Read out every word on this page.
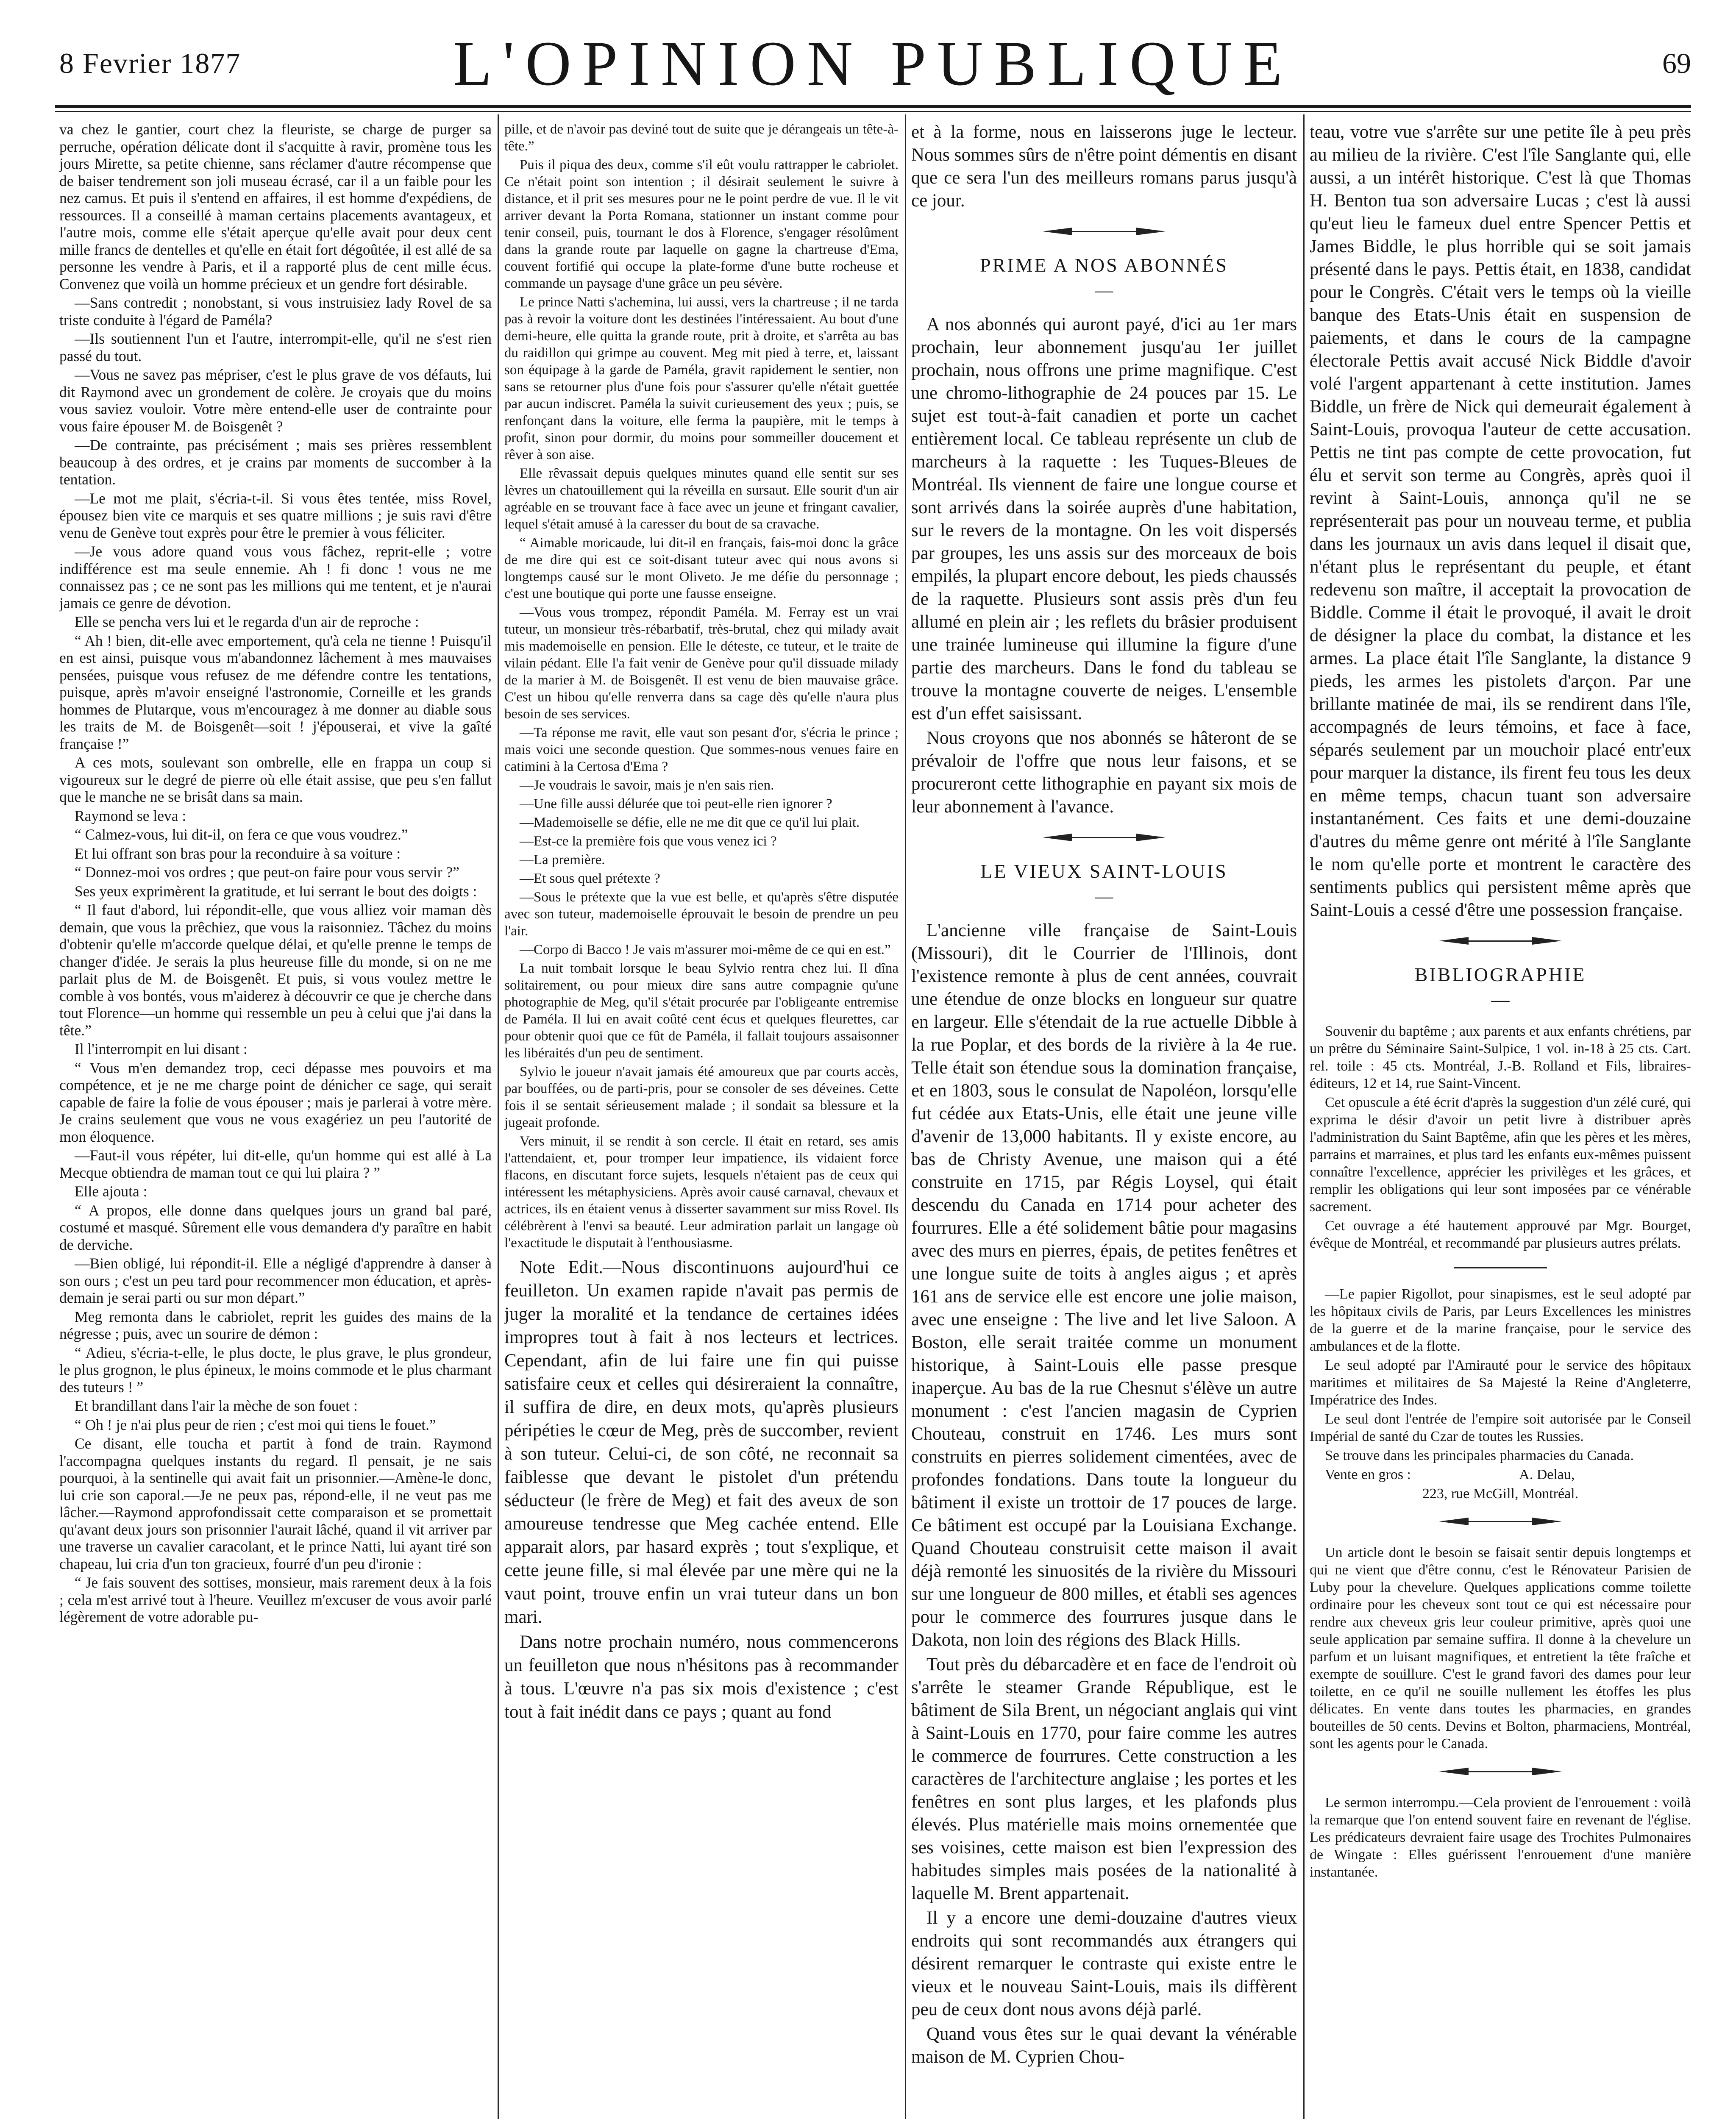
8 Fevrier 1877	L'OPINION PUBLIQUE	69

va chez le gantier, court chez la fleuriste, se charge de purger sa perruche, opération délicate dont il s'acquitte à ravir, promène tous les jours Mirette, sa petite chienne, sans réclamer d'autre récompense que de baiser tendrement son joli museau écrasé, car il a un faible pour les nez camus. Et puis il s'entend en affaires, il est homme d'expédiens, de ressources. Il a conseillé à maman certains placements avantageux, et l'autre mois, comme elle s'était aperçue qu'elle avait pour deux cent mille francs de dentelles et qu'elle en était fort dégoûtée, il est allé de sa personne les vendre à Paris, et il a rapporté plus de cent mille écus. Convenez que voilà un homme précieux et un gendre fort désirable.

—Sans contredit ; nonobstant, si vous instruisiez lady Rovel de sa triste conduite à l'égard de Paméla?

—Ils soutiennent l'un et l'autre, interrompit-elle, qu'il ne s'est rien passé du tout.

—Vous ne savez pas mépriser, c'est le plus grave de vos défauts, lui dit Raymond avec un grondement de colère. Je croyais que du moins vous saviez vouloir. Votre mère entend-elle user de contrainte pour vous faire épouser M. de Boisgenêt ?

—De contrainte, pas précisément ; mais ses prières ressemblent beaucoup à des ordres, et je crains par moments de succomber à la tentation.

—Le mot me plait, s'écria-t-il. Si vous êtes tentée, miss Rovel, épousez bien vite ce marquis et ses quatre millions ; je suis ravi d'être venu de Genève tout exprès pour être le premier à vous féliciter.

—Je vous adore quand vous vous fâchez, reprit-elle ; votre indifférence est ma seule ennemie. Ah ! fi donc ! vous ne me connaissez pas ; ce ne sont pas les millions qui me tentent, et je n'aurai jamais ce genre de dévotion.

Elle se pencha vers lui et le regarda d'un air de reproche :

“ Ah ! bien, dit-elle avec emportement, qu'à cela ne tienne ! Puisqu'il en est ainsi, puisque vous m'abandonnez lâchement à mes mauvaises pensées, puisque vous refusez de me défendre contre les tentations, puisque, après m'avoir enseigné l'astronomie, Corneille et les grands hommes de Plutarque, vous m'encouragez à me donner au diable sous les traits de M. de Boisgenêt—soit ! j'épouserai, et vive la gaîté française !”

A ces mots, soulevant son ombrelle, elle en frappa un coup si vigoureux sur le degré de pierre où elle était assise, que peu s'en fallut que le manche ne se brisât dans sa main.

Raymond se leva :

“ Calmez-vous, lui dit-il, on fera ce que vous voudrez.”

Et lui offrant son bras pour la reconduire à sa voiture :

“ Donnez-moi vos ordres ; que peut-on faire pour vous servir ?”

Ses yeux exprimèrent la gratitude, et lui serrant le bout des doigts :

“ Il faut d'abord, lui répondit-elle, que vous alliez voir maman dès demain, que vous la prêchiez, que vous la raisonniez. Tâchez du moins d'obtenir qu'elle m'accorde quelque délai, et qu'elle prenne le temps de changer d'idée. Je serais la plus heureuse fille du monde, si on ne me parlait plus de M. de Boisgenêt. Et puis, si vous voulez mettre le comble à vos bontés, vous m'aiderez à découvrir ce que je cherche dans tout Florence—un homme qui ressemble un peu à celui que j'ai dans la tête.”

Il l'interrompit en lui disant :

“ Vous m'en demandez trop, ceci dépasse mes pouvoirs et ma compétence, et je ne me charge point de dénicher ce sage, qui serait capable de faire la folie de vous épouser ; mais je parlerai à votre mère. Je crains seulement que vous ne vous exagériez un peu l'autorité de mon éloquence.

—Faut-il vous répéter, lui dit-elle, qu'un homme qui est allé à La Mecque obtiendra de maman tout ce qui lui plaira ? ”

Elle ajouta :

“ A propos, elle donne dans quelques jours un grand bal paré, costumé et masqué. Sûrement elle vous demandera d'y paraître en habit de derviche.

—Bien obligé, lui répondit-il. Elle a négligé d'apprendre à danser à son ours ; c'est un peu tard pour recommencer mon éducation, et après-demain je serai parti ou sur mon départ.”

Meg remonta dans le cabriolet, reprit les guides des mains de la négresse ; puis, avec un sourire de démon :

“ Adieu, s'écria-t-elle, le plus doctе, le plus grave, le plus grondeur, le plus grognon, le plus épineux, le moins commode et le plus charmant des tuteurs ! ”

Et brandillant dans l'air la mèche de son fouet :

“ Oh ! je n'ai plus peur de rien ; c'est moi qui tiens le fouet.”

Ce disant, elle toucha et partit à fond de train. Raymond l'accompagna quelques instants du regard. Il pensait, je ne sais pourquoi, à la sentinelle qui avait fait un prisonnier.—Amène-le donc, lui crie son caporal.—Je ne peux pas, répond-elle, il ne veut pas me lâcher.—Raymond approfondissait cette comparaison et se promettait qu'avant deux jours son prisonnier l'aurait lâché, quand il vit arriver par une traverse un cavalier caracolant, et le prince Natti, lui ayant tiré son chapeau, lui cria d'un ton gracieux, fourré d'un peu d'ironie :

“ Je fais souvent des sottises, monsieur, mais rarement deux à la fois ; cela m'est arrivé tout à l'heure. Veuillez m'excuser de vous avoir parlé légèrement de votre adorable pu-

pille, et de n'avoir pas deviné tout de suite que je dérangeais un tête-à-tête.”

Puis il piqua des deux, comme s'il eût voulu rattrapper le cabriolet. Ce n'était point son intention ; il désirait seulement le suivre à distance, et il prit ses mesures pour ne le point perdre de vue. Il le vit arriver devant la Porta Romana, stationner un instant comme pour tenir conseil, puis, tournant le dos à Florence, s'engager résolûment dans la grande route par laquelle on gagne la chartreuse d'Ema, couvent fortifié qui occupe la plate-forme d'une butte rocheuse et commande un paysage d'une grâce un peu sévère.

Le prince Natti s'achemina, lui aussi, vers la chartreuse ; il ne tarda pas à revoir la voiture dont les destinées l'intéressaient. Au bout d'une demi-heure, elle quitta la grande route, prit à droite, et s'arrêta au bas du raidillon qui grimpe au couvent. Meg mit pied à terre, et, laissant son équipage à la garde de Paméla, gravit rapidement le sentier, non sans se retourner plus d'une fois pour s'assurer qu'elle n'était guettée par aucun indiscret. Paméla la suivit curieusement des yeux ; puis, se renfonçant dans la voiture, elle ferma la paupière, mit le temps à profit, sinon pour dormir, du moins pour sommeiller doucement et rêver à son aise.

Elle rêvassait depuis quelques minutes quand elle sentit sur ses lèvres un chatouillement qui la réveilla en sursaut. Elle sourit d'un air agréable en se trouvant face à face avec un jeune et fringant cavalier, lequel s'était amusé à la caresser du bout de sa cravache.

“ Aimable moricaude, lui dit-il en français, fais-moi donc la grâce de me dire qui est ce soit-disant tuteur avec qui nous avons si longtemps causé sur le mont Oliveto. Je me défie du personnage ; c'est une boutique qui porte une fausse enseigne.

—Vous vous trompez, répondit Paméla. M. Ferray est un vrai tuteur, un monsieur très-rébarbatif, très-brutal, chez qui milady avait mis mademoiselle en pension. Elle le déteste, ce tuteur, et le traite de vilain pédant. Elle l'a fait venir de Genève pour qu'il dissuade milady de la marier à M. de Boisgenêt. Il est venu de bien mauvaise grâce. C'est un hibou qu'elle renverra dans sa cage dès qu'elle n'aura plus besoin de ses services.

—Ta réponse me ravit, elle vaut son pesant d'or, s'écria le prince ; mais voici une seconde question. Que sommes-nous venues faire en catimini à la Certosa d'Ema ?

—Je voudrais le savoir, mais je n'en sais rien.

—Une fille aussi délurée que toi peut-elle rien ignorer ?

—Mademoiselle se défie, elle ne me dit que ce qu'il lui plait.

—Est-ce la première fois que vous venez ici ?

—La première.

—Et sous quel prétexte ?

—Sous le prétexte que la vue est belle, et qu'après s'être disputée avec son tuteur, mademoiselle éprouvait le besoin de prendre un peu l'air.

—Corpo di Bacco ! Je vais m'assurer moi-même de ce qui en est.”

La nuit tombait lorsque le beau Sylvio rentra chez lui. Il dîna solitairement, ou pour mieux dire sans autre compagnie qu'une photographie de Meg, qu'il s'était procurée par l'obligeante entremise de Paméla. Il lui en avait coûté cent écus et quelques fleurettes, car pour obtenir quoi que ce fût de Paméla, il fallait toujours assaisonner les libéraités d'un peu de sentiment.

Sylvio le joueur n'avait jamais été amoureux que par courts accès, par bouffées, ou de parti-pris, pour se consoler de ses déveines. Cette fois il se sentait sérieusement malade ; il sondait sa blessure et la jugeait profonde.

Vers minuit, il se rendit à son cercle. Il était en retard, ses amis l'attendaient, et, pour tromper leur impatience, ils vidaient force flacons, en discutant force sujets, lesquels n'étaient pas de ceux qui intéressent les métaphysiciens. Après avoir causé carnaval, chevaux et actrices, ils en étaient venus à disserter savamment sur miss Rovel. Ils célébrèrent à l'envi sa beauté. Leur admiration parlait un langage où l'exactitude le disputait à l'enthousiasme.

Note Edit.—Nous discontinuons aujourd'hui ce feuilleton. Un examen rapide n'avait pas permis de juger la moralité et la tendance de certaines idées impropres tout à fait à nos lecteurs et lectrices. Cependant, afin de lui faire une fin qui puisse satisfaire ceux et celles qui désireraient la connaître, il suffira de dire, en deux mots, qu'après plusieurs péripéties le cœur de Meg, près de succomber, revient à son tuteur. Celui-ci, de son côté, ne reconnait sa faiblesse que devant le pistolet d'un prétendu séducteur (le frère de Meg) et fait des aveux de son amoureuse tendresse que Meg cachée entend. Elle apparait alors, par hasard exprès ; tout s'explique, et cette jeune fille, si mal élevée par une mère qui ne la vaut point, trouve enfin un vrai tuteur dans un bon mari.

Dans notre prochain numéro, nous commencerons un feuilleton que nous n'hésitons pas à recommander à tous. L'œuvre n'a pas six mois d'existence ; c'est tout à fait inédit dans ce pays ; quant au fond

et à la forme, nous en laisserons juge le lecteur. Nous sommes sûrs de n'être point démentis en disant que ce sera l'un des meilleurs romans parus jusqu'à ce jour.

PRIME A NOS ABONNÉS
—

A nos abonnés qui auront payé, d'ici au 1er mars prochain, leur abonnement jusqu'au 1er juillet prochain, nous offrons une prime magnifique. C'est une chromo-lithographie de 24 pouces par 15. Le sujet est tout-à-fait canadien et porte un cachet entièrement local. Ce tableau représente un club de marcheurs à la raquette : les Tuques-Bleues de Montréal. Ils viennent de faire une longue course et sont arrivés dans la soirée auprès d'une habitation, sur le revers de la montagne. On les voit dispersés par groupes, les uns assis sur des morceaux de bois empilés, la plupart encore debout, les pieds chaussés de la raquette. Plusieurs sont assis près d'un feu allumé en plein air ; les reflets du brâsier produisent une trainée lumineuse qui illumine la figure d'une partie des marcheurs. Dans le fond du tableau se trouve la montagne couverte de neiges. L'ensemble est d'un effet saisissant.

Nous croyons que nos abonnés se hâteront de se prévaloir de l'offre que nous leur faisons, et se procureront cette lithographie en payant six mois de leur abonnement à l'avance.

LE VIEUX SAINT-LOUIS
—

L'ancienne ville française de Saint-Louis (Missouri), dit le Courrier de l'Illinois, dont l'existence remonte à plus de cent années, couvrait une étendue de onze blocks en longueur sur quatre en largeur. Elle s'étendait de la rue actuelle Dibble à la rue Poplar, et des bords de la rivière à la 4e rue. Telle était son étendue sous la domination française, et en 1803, sous le consulat de Napoléon, lorsqu'elle fut cédée aux Etats-Unis, elle était une jeune ville d'avenir de 13,000 habitants. Il y existe encore, au bas de Christy Avenue, une maison qui a été construite en 1715, par Régis Loysel, qui était descendu du Canada en 1714 pour acheter des fourrures. Elle a été solidement bâtie pour magasins avec des murs en pierres, épais, de petites fenêtres et une longue suite de toits à angles aigus ; et après 161 ans de service elle est encore une jolie maison, avec une enseigne : The live and let live Saloon. A Boston, elle serait traitée comme un monument historique, à Saint-Louis elle passe presque inaperçue. Au bas de la rue Chesnut s'élève un autre monument : c'est l'ancien magasin de Cyprien Chouteau, construit en 1746. Les murs sont construits en pierres solidement cimentées, avec de profondes fondations. Dans toute la longueur du bâtiment il existe un trottoir de 17 pouces de large. Ce bâtiment est occupé par la Louisiana Exchange. Quand Chouteau construisit cette maison il avait déjà remonté les sinuosités de la rivière du Missouri sur une longueur de 800 milles, et établi ses agences pour le commerce des fourrures jusque dans le Dakota, non loin des régions des Black Hills.

Tout près du débarcadère et en face de l'endroit où s'arrête le steamer Grande République, est le bâtiment de Sila Brent, un négociant anglais qui vint à Saint-Louis en 1770, pour faire comme les autres le commerce de fourrures. Cette construction a les caractères de l'architecture anglaise ; les portes et les fenêtres en sont plus larges, et les plafonds plus élevés. Plus matérielle mais moins ornementée que ses voisines, cette maison est bien l'expression des habitudes simples mais posées de la nationalité à laquelle M. Brent appartenait.

Il y a encore une demi-douzaine d'autres vieux endroits qui sont recommandés aux étrangers qui désirent remarquer le contraste qui existe entre le vieux et le nouveau Saint-Louis, mais ils diffèrent peu de ceux dont nous avons déjà parlé.

Quand vous êtes sur le quai devant la vénérable maison de M. Cyprien Chou-

teau, votre vue s'arrête sur une petite île à peu près au milieu de la rivière. C'est l'île Sanglante qui, elle aussi, a un intérêt historique. C'est là que Thomas H. Benton tua son adversaire Lucas ; c'est là aussi qu'eut lieu le fameux duel entre Spencer Pettis et James Biddle, le plus horrible qui se soit jamais présenté dans le pays. Pettis était, en 1838, candidat pour le Congrès. C'était vers le temps où la vieille banque des Etats-Unis était en suspension de paiements, et dans le cours de la campagne électorale Pettis avait accusé Nick Biddle d'avoir volé l'argent appartenant à cette institution. James Biddle, un frère de Nick qui demeurait également à Saint-Louis, provoqua l'auteur de cette accusation. Pettis ne tint pas compte de cette provocation, fut élu et servit son terme au Congrès, après quoi il revint à Saint-Louis, annonça qu'il ne se représenterait pas pour un nouveau terme, et publia dans les journaux un avis dans lequel il disait que, n'étant plus le représentant du peuple, et étant redevenu son maître, il acceptait la provocation de Biddle. Comme il était le provoqué, il avait le droit de désigner la place du combat, la distance et les armes. La place était l'île Sanglante, la distance 9 pieds, les armes les pistolets d'arçon. Par une brillante matinée de mai, ils se rendirent dans l'île, accompagnés de leurs témoins, et face à face, séparés seulement par un mouchoir placé entr'eux pour marquer la distance, ils firent feu tous les deux en même temps, chacun tuant son adversaire instantanément. Ces faits et une demi-douzaine d'autres du même genre ont mérité à l'île Sanglante le nom qu'elle porte et montrent le caractère des sentiments publics qui persistent même après que Saint-Louis a cessé d'être une possession française.

BIBLIOGRAPHIE
—

Souvenir du baptême ; aux parents et aux enfants chrétiens, par un prêtre du Séminaire Saint-Sulpice, 1 vol. in-18 à 25 cts. Cart. rel. toile : 45 cts. Montréal, J.-B. Rolland et Fils, libraires-éditeurs, 12 et 14, rue Saint-Vincent.

Cet opuscule a été écrit d'après la suggestion d'un zélé curé, qui exprima le désir d'avoir un petit livre à distribuer après l'administration du Saint Baptême, afin que les pères et les mères, parrains et marraines, et plus tard les enfants eux-mêmes puissent connaître l'excellence, apprécier les privilèges et les grâces, et remplir les obligations qui leur sont imposées par ce vénérable sacrement.

Cet ouvrage a été hautement approuvé par Mgr. Bourget, évêque de Montréal, et recommandé par plusieurs autres prélats.

—Le papier Rigollot, pour sinapismes, est le seul adopté par les hôpitaux civils de Paris, par Leurs Excellences les ministres de la guerre et de la marine française, pour le service des ambulances et de la flotte.

Le seul adopté par l'Amirauté pour le service des hôpitaux maritimes et militaires de Sa Majesté la Reine d'Angleterre, Impératrice des Indes.

Le seul dont l'entrée de l'empire soit autorisée par le Conseil Impérial de santé du Czar de toutes les Russies.

Se trouve dans les principales pharmacies du Canada.

Vente en gros :	A. Delau,

223, rue McGill, Montréal.

Un article dont le besoin se faisait sentir depuis longtemps et qui ne vient que d'être connu, c'est le Rénovateur Parisien de Luby pour la chevelure. Quelques applications comme toilette ordinaire pour les cheveux sont tout ce qui est nécessaire pour rendre aux cheveux gris leur couleur primitive, après quoi une seule application par semaine suffira. Il donne à la chevelure un parfum et un luisant magnifiques, et entretient la tête fraîche et exempte de souillure. C'est le grand favori des dames pour leur toilette, en ce qu'il ne souille nullement les étoffes les plus délicates. En vente dans toutes les pharmacies, en grandes bouteilles de 50 cents. Devins et Bolton, pharmaciens, Montréal, sont les agents pour le Canada.

Le sermon interrompu.—Cela provient de l'enrouement : voilà la remarque que l'on entend souvent faire en revenant de l'église. Les prédicateurs devraient faire usage des Trochites Pulmonaires de Wingate : Elles guérissent l'enrouement d'une manière instantanée.
